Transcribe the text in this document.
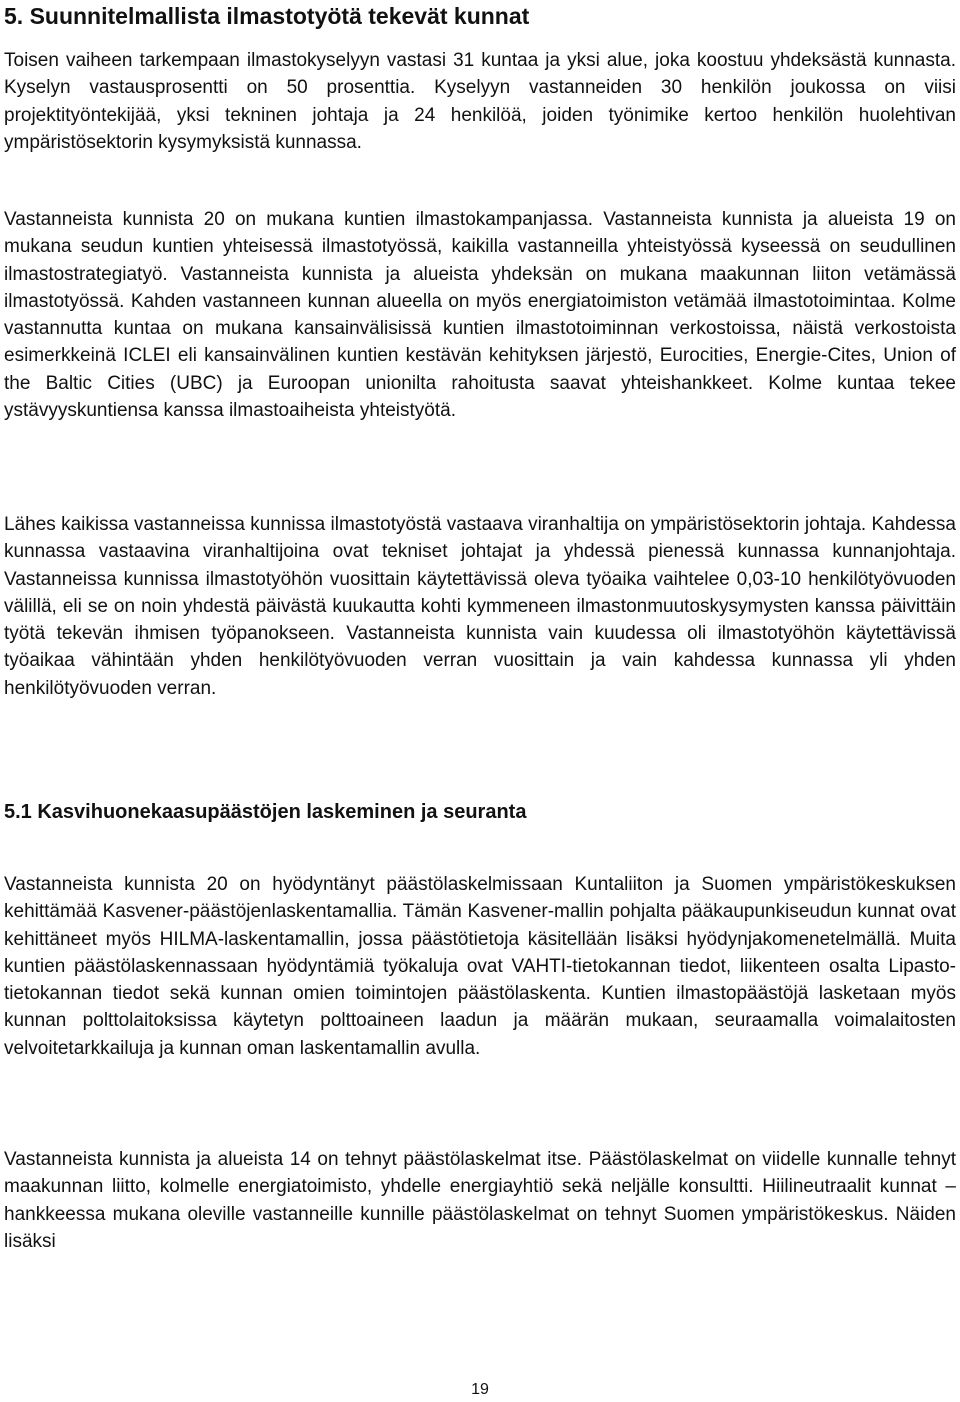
5. Suunnitelmallista ilmastotyötä tekevät kunnat

Toisen vaiheen tarkempaan ilmastokyselyyn vastasi 31 kuntaa ja yksi alue, joka koostuu yhdeksästä kunnasta. Kyselyn vastausprosentti on 50 prosenttia. Kyselyyn vastanneiden 30 henkilön joukossa on viisi projektityöntekijää, yksi tekninen johtaja ja 24 henkilöä, joiden työnimike kertoo henkilön huolehtivan ympäristösektorin kysymyksistä kunnassa.

Vastanneista kunnista 20 on mukana kuntien ilmastokampanjassa. Vastanneista kunnista ja alueista 19 on mukana seudun kuntien yhteisessä ilmastotyössä, kaikilla vastanneilla yhteistyössä kyseessä on seudullinen ilmastostrategiatyö. Vastanneista kunnista ja alueista yhdeksän on mukana maakunnan liiton vetämässä ilmastotyössä. Kahden vastanneen kunnan alueella on myös energiatoimiston vetämää ilmastotoimintaa. Kolme vastannutta kuntaa on mukana kansainvälisissä kuntien ilmastotoiminnan verkostoissa, näistä verkostoista esimerkkeinä ICLEI eli kansainvälinen kuntien kestävän kehityksen järjestö, Eurocities, Energie-Cites, Union of the Baltic Cities (UBC) ja Euroopan unionilta rahoitusta saavat yhteishankkeet. Kolme kuntaa tekee ystävyyskuntiensa kanssa ilmastoaiheista yhteistyötä.

Lähes kaikissa vastanneissa kunnissa ilmastotyöstä vastaava viranhaltija on ympäristösektorin johtaja. Kahdessa kunnassa vastaavina viranhaltijoina ovat tekniset johtajat ja yhdessä pienessä kunnassa kunnanjohtaja. Vastanneissa kunnissa ilmastotyöhön vuosittain käytettävissä oleva työaika vaihtelee 0,03-10 henkilötyövuoden välillä, eli se on noin yhdestä päivästä kuukautta kohti kymmeneen ilmastonmuutoskysymysten kanssa päivittäin työtä tekevän ihmisen työpanokseen. Vastanneista kunnista vain kuudessa oli ilmastotyöhön käytettävissä työaikaa vähintään yhden henkilötyövuoden verran vuosittain ja vain kahdessa kunnassa yli yhden henkilötyövuoden verran.

5.1 Kasvihuonekaasupäästöjen laskeminen ja seuranta

Vastanneista kunnista 20 on hyödyntänyt päästölaskelmissaan Kuntaliiton ja Suomen ympäristökeskuksen kehittämää Kasvener-päästöjenlaskentamallia. Tämän Kasvener-mallin pohjalta pääkaupunkiseudun kunnat ovat kehittäneet myös HILMA-laskentamallin, jossa päästötietoja käsitellään lisäksi hyödynjakomenetelmällä. Muita kuntien päästölaskennassaan hyödyntämiä työkaluja ovat VAHTI-tietokannan tiedot, liikenteen osalta Lipasto-tietokannan tiedot sekä kunnan omien toimintojen päästölaskenta. Kuntien ilmastopäästöjä lasketaan myös kunnan polttolaitoksissa käytetyn polttoaineen laadun ja määrän mukaan, seuraamalla voimalaitosten velvoitetarkkailuja ja kunnan oman laskentamallin avulla.

Vastanneista kunnista ja alueista 14 on tehnyt päästölaskelmat itse. Päästölaskelmat on viidelle kunnalle tehnyt maakunnan liitto, kolmelle energiatoimisto, yhdelle energiayhtiö sekä neljälle konsultti. Hiilineutraalit kunnat –hankkeessa mukana oleville vastanneille kunnille päästölaskelmat on tehnyt Suomen ympäristökeskus. Näiden lisäksi

19
